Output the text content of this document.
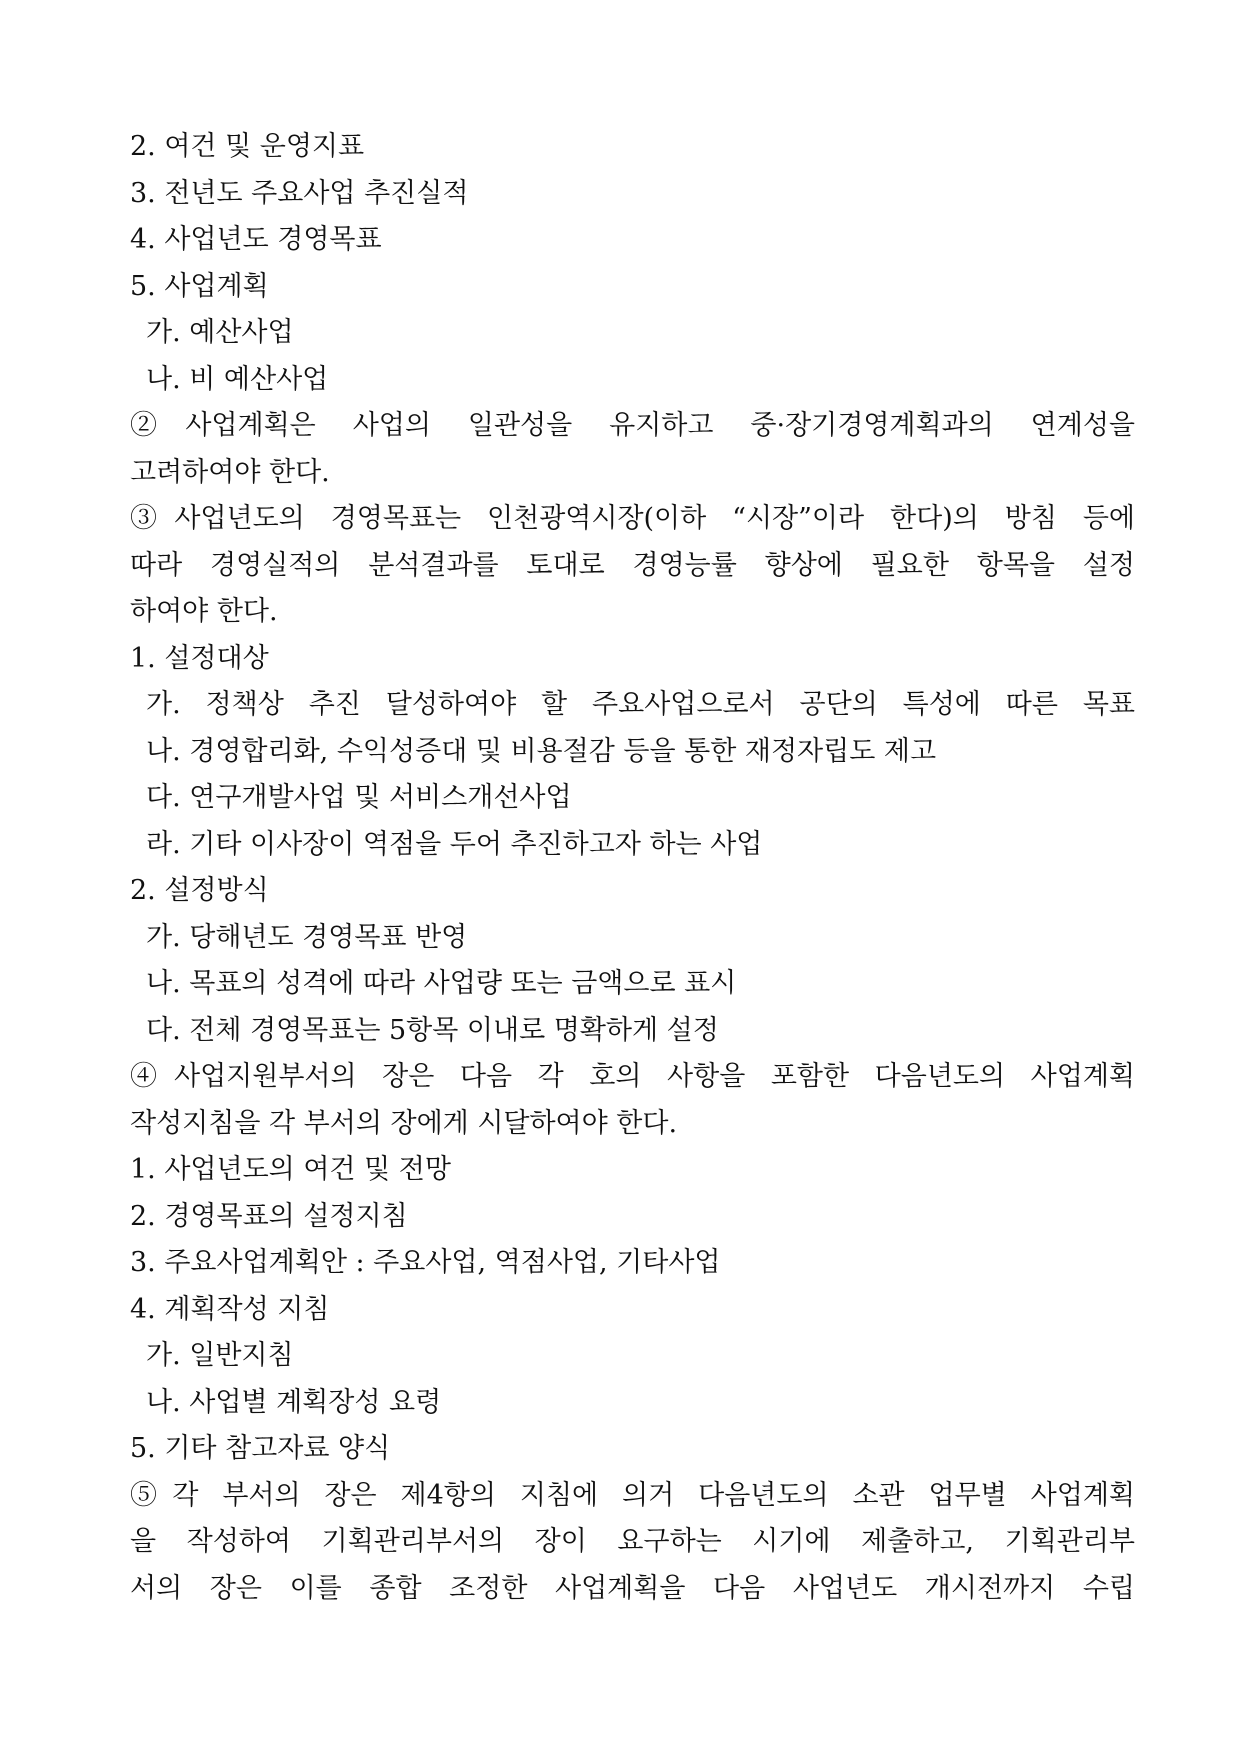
2. 여건 및 운영지표
3. 전년도 주요사업 추진실적
4. 사업년도 경영목표
5. 사업계획
가. 예산사업
나. 비 예산사업
②사업계획은 사업의 일관성을 유지하고 중·장기경영계획과의 연계성을
고려하여야 한다.
③사업년도의 경영목표는 인천광역시장(이하 “시장”이라 한다)의 방침 등에
따라 경영실적의 분석결과를 토대로 경영능률 향상에 필요한 항목을 설정
하여야 한다.
1. 설정대상
가. 정책상 추진 달성하여야 할 주요사업으로서 공단의 특성에 따른 목표
나. 경영합리화, 수익성증대 및 비용절감 등을 통한 재정자립도 제고
다. 연구개발사업 및 서비스개선사업
라. 기타 이사장이 역점을 두어 추진하고자 하는 사업
2. 설정방식
가. 당해년도 경영목표 반영
나. 목표의 성격에 따라 사업량 또는 금액으로 표시
다. 전체 경영목표는 5항목 이내로 명확하게 설정
④사업지원부서의 장은 다음 각 호의 사항을 포함한 다음년도의 사업계획
작성지침을 각 부서의 장에게 시달하여야 한다.
1. 사업년도의 여건 및 전망
2. 경영목표의 설정지침
3. 주요사업계획안 : 주요사업, 역점사업, 기타사업
4. 계획작성 지침
가. 일반지침
나. 사업별 계획장성 요령
5. 기타 참고자료 양식
⑤각 부서의 장은 제4항의 지침에 의거 다음년도의 소관 업무별 사업계획
을 작성하여 기획관리부서의 장이 요구하는 시기에 제출하고, 기획관리부
서의 장은 이를 종합 조정한 사업계획을 다음 사업년도 개시전까지 수립
